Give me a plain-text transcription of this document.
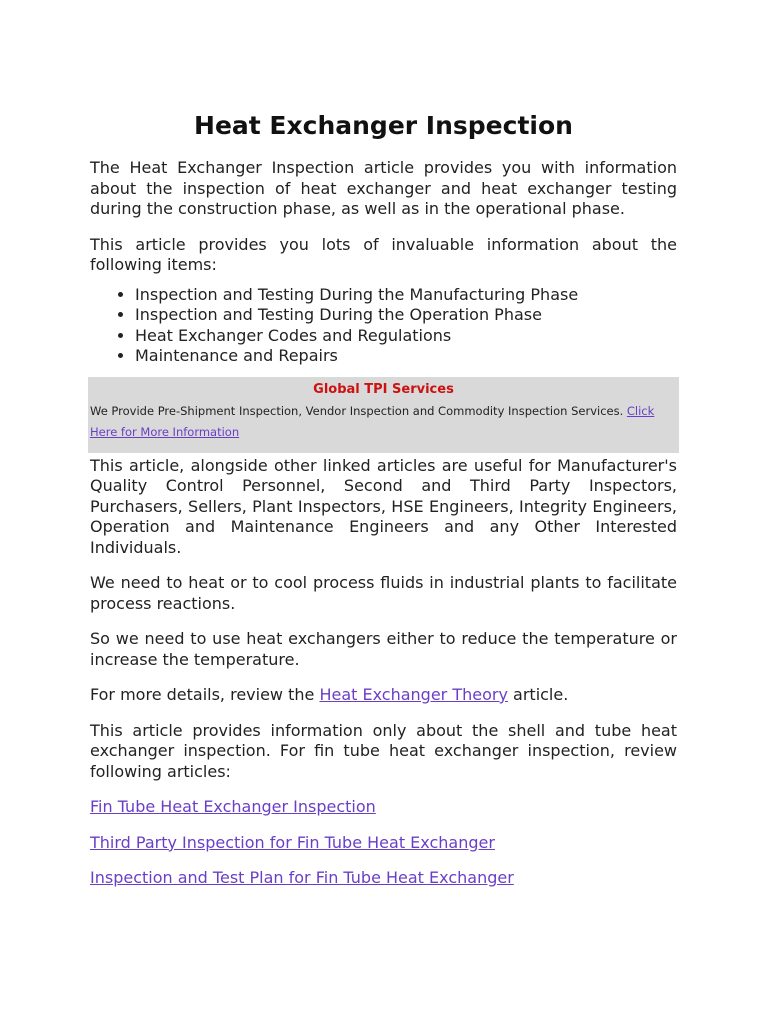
Heat Exchanger Inspection

The Heat Exchanger Inspection article provides you with information about the inspection of heat exchanger and heat exchanger testing during the construction phase, as well as in the operational phase.

This article provides you lots of invaluable information about the following items:

• Inspection and Testing During the Manufacturing Phase
• Inspection and Testing During the Operation Phase
• Heat Exchanger Codes and Regulations
• Maintenance and Repairs
Global TPI Services
We Provide Pre-Shipment Inspection, Vendor Inspection and Commodity Inspection Services. Click Here for More Information

This article, alongside other linked articles are useful for Manufacturer's Quality Control Personnel, Second and Third Party Inspectors, Purchasers, Sellers, Plant Inspectors, HSE Engineers, Integrity Engineers, Operation and Maintenance Engineers and any Other Interested Individuals.

We need to heat or to cool process fluids in industrial plants to facilitate process reactions.

So we need to use heat exchangers either to reduce the temperature or increase the temperature.

For more details, review the Heat Exchanger Theory article.

This article provides information only about the shell and tube heat exchanger inspection. For fin tube heat exchanger inspection, review following articles:

Fin Tube Heat Exchanger Inspection

Third Party Inspection for Fin Tube Heat Exchanger

Inspection and Test Plan for Fin Tube Heat Exchanger
